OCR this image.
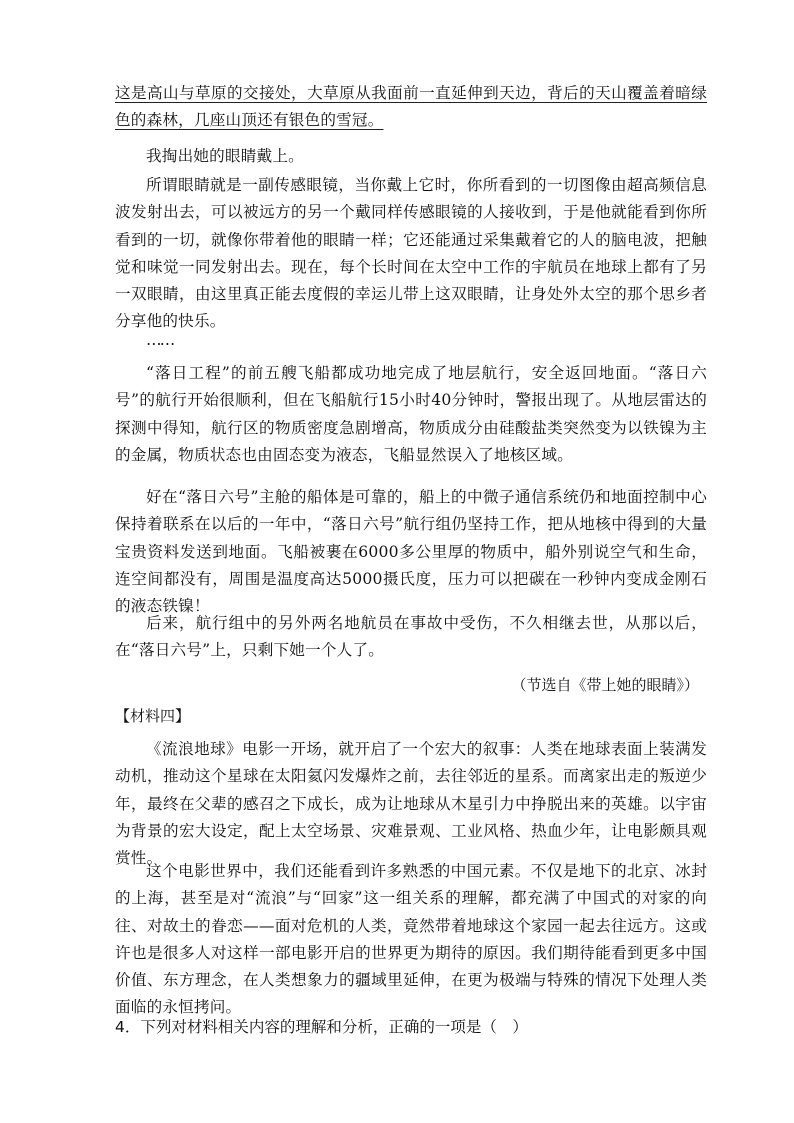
这是高山与草原的交接处，大草原从我面前一直延伸到天边，背后的天山覆盖着暗绿色的森林，几座山顶还有银色的雪冠。

我掏出她的眼睛戴上。

所谓眼睛就是一副传感眼镜，当你戴上它时，你所看到的一切图像由超高频信息波发射出去，可以被远方的另一个戴同样传感眼镜的人接收到，于是他就能看到你所看到的一切，就像你带着他的眼睛一样；它还能通过采集戴着它的人的脑电波，把触觉和味觉一同发射出去。现在，每个长时间在太空中工作的宇航员在地球上都有了另一双眼睛，由这里真正能去度假的幸运儿带上这双眼睛，让身处外太空的那个思乡者分享他的快乐。

……

“落日工程”的前五艘飞船都成功地完成了地层航行，安全返回地面。“落日六号”的航行开始很顺利，但在飞船航行15小时40分钟时，警报出现了。从地层雷达的探测中得知，航行区的物质密度急剧增高，物质成分由硅酸盐类突然变为以铁镍为主的金属，物质状态也由固态变为液态，飞船显然误入了地核区域。

好在“落日六号”主舱的船体是可靠的，船上的中微子通信系统仍和地面控制中心保持着联系在以后的一年中，“落日六号”航行组仍坚持工作，把从地核中得到的大量宝贵资料发送到地面。飞船被裹在6000多公里厚的物质中，船外别说空气和生命，连空间都没有，周围是温度高达5000摄氏度，压力可以把碳在一秒钟内变成金刚石的液态铁镍！

后来，航行组中的另外两名地航员在事故中受伤，不久相继去世，从那以后，在“落日六号”上，只剩下她一个人了。

（节选自《带上她的眼睛》）

【材料四】

《流浪地球》电影一开场，就开启了一个宏大的叙事：人类在地球表面上装满发动机，推动这个星球在太阳氦闪发爆炸之前，去往邻近的星系。而离家出走的叛逆少年，最终在父辈的感召之下成长，成为让地球从木星引力中挣脱出来的英雄。以宇宙为背景的宏大设定，配上太空场景、灾难景观、工业风格、热血少年，让电影颇具观赏性。

这个电影世界中，我们还能看到许多熟悉的中国元素。不仅是地下的北京、冰封的上海，甚至是对“流浪”与“回家”这一组关系的理解，都充满了中国式的对家的向往、对故土的眷恋——面对危机的人类，竟然带着地球这个家园一起去往远方。这或许也是很多人对这样一部电影开启的世界更为期待的原因。我们期待能看到更多中国价值、东方理念，在人类想象力的疆域里延伸，在更为极端与特殊的情况下处理人类面临的永恒拷问。

4．下列对材料相关内容的理解和分析，正确的一项是（　）
